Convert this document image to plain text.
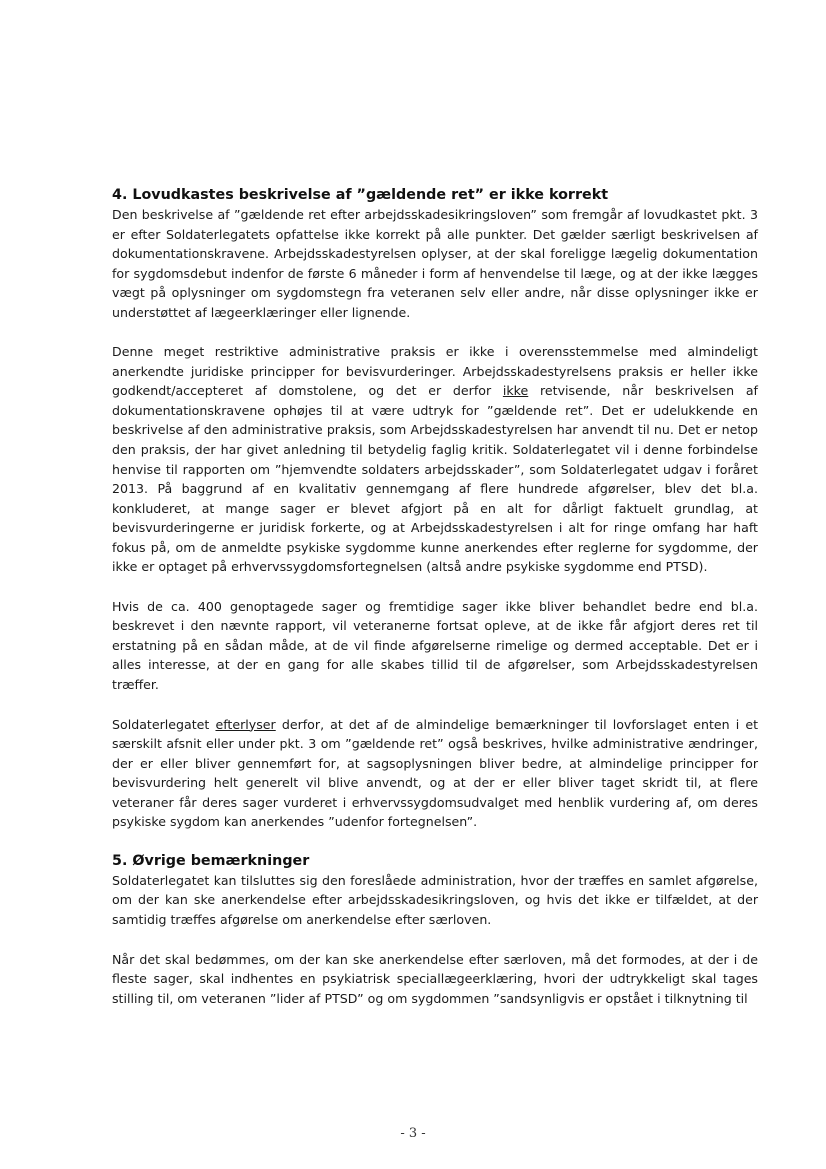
4. Lovudkastes beskrivelse af ”gældende ret” er ikke korrekt

Den beskrivelse af ”gældende ret efter arbejdsskadesikringsloven” som fremgår af lovudkastet pkt. 3 er efter Soldaterlegatets opfattelse ikke korrekt på alle punkter. Det gælder særligt beskrivelsen af dokumentationskravene. Arbejdsskadestyrelsen oplyser, at der skal foreligge lægelig dokumentation for sygdomsdebut indenfor de første 6 måneder i form af henvendelse til læge, og at der ikke lægges vægt på oplysninger om sygdomstegn fra veteranen selv eller andre, når disse oplysninger ikke er understøttet af lægeerklæringer eller lignende.

Denne meget restriktive administrative praksis er ikke i overensstemmelse med almindeligt anerkendte juridiske principper for bevisvurderinger. Arbejdsskadestyrelsens praksis er heller ikke godkendt/accepteret af domstolene, og det er derfor ikke retvisende, når beskrivelsen af dokumentationskravene ophøjes til at være udtryk for ”gældende ret”. Det er udelukkende en beskrivelse af den administrative praksis, som Arbejdsskadestyrelsen har anvendt til nu. Det er netop den praksis, der har givet anledning til betydelig faglig kritik. Soldaterlegatet vil i denne forbindelse henvise til rapporten om ”hjemvendte soldaters arbejdsskader”, som Soldaterlegatet udgav i foråret 2013. På baggrund af en kvalitativ gennemgang af flere hundrede afgørelser, blev det bl.a. konkluderet, at mange sager er blevet afgjort på en alt for dårligt faktuelt grundlag, at bevisvurderingerne er juridisk forkerte, og at Arbejdsskadestyrelsen i alt for ringe omfang har haft fokus på, om de anmeldte psykiske sygdomme kunne anerkendes efter reglerne for sygdomme, der ikke er optaget på erhvervssygdomsfortegnelsen (altså andre psykiske sygdomme end PTSD).

Hvis de ca. 400 genoptagede sager og fremtidige sager ikke bliver behandlet bedre end bl.a. beskrevet i den nævnte rapport, vil veteranerne fortsat opleve, at de ikke får afgjort deres ret til erstatning på en sådan måde, at de vil finde afgørelserne rimelige og dermed acceptable. Det er i alles interesse, at der en gang for alle skabes tillid til de afgørelser, som Arbejdsskadestyrelsen træffer.

Soldaterlegatet efterlyser derfor, at det af de almindelige bemærkninger til lovforslaget enten i et særskilt afsnit eller under pkt. 3 om ”gældende ret” også beskrives, hvilke administrative ændringer, der er eller bliver gennemført for, at sagsoplysningen bliver bedre, at almindelige principper for bevisvurdering helt generelt vil blive anvendt, og at der er eller bliver taget skridt til, at flere veteraner får deres sager vurderet i erhvervssygdomsudvalget med henblik vurdering af, om deres psykiske sygdom kan anerkendes ”udenfor fortegnelsen”.

5. Øvrige bemærkninger

Soldaterlegatet kan tilsluttes sig den foreslåede administration, hvor der træffes en samlet afgørelse, om der kan ske anerkendelse efter arbejdsskadesikringsloven, og hvis det ikke er tilfældet, at der samtidig træffes afgørelse om anerkendelse efter særloven.

Når det skal bedømmes, om der kan ske anerkendelse efter særloven, må det formodes, at der i de fleste sager, skal indhentes en psykiatrisk speciallægeerklæring, hvori der udtrykkeligt skal tages stilling til, om veteranen ”lider af PTSD” og om sygdommen ”sandsynligvis er opstået i tilknytning til

- 3 -
